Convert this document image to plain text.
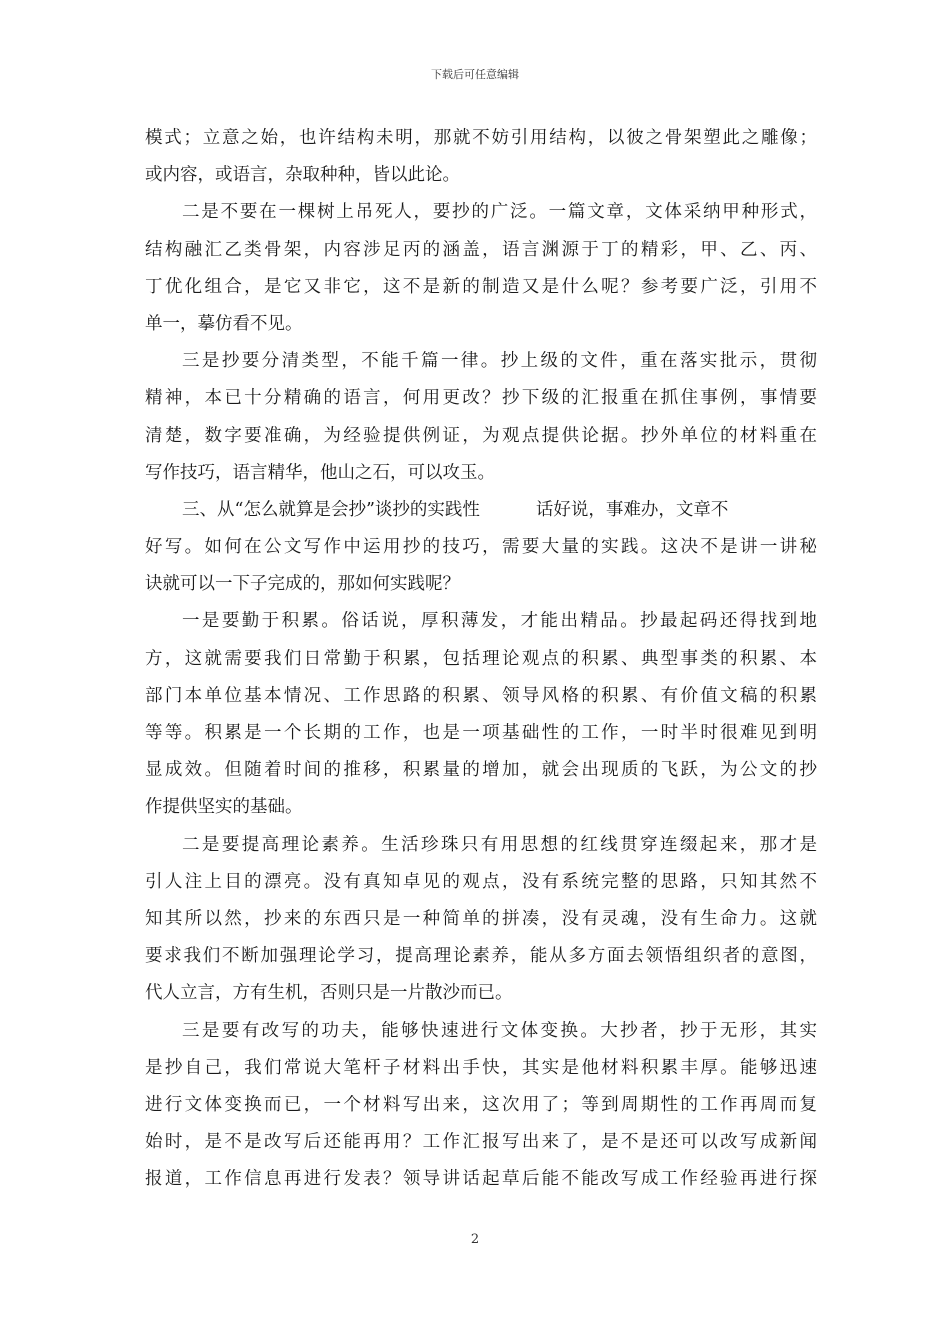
下载后可任意编辑
模式；立意之始，也许结构未明，那就不妨引用结构，以彼之骨架塑此之雕像；
或内容，或语言，杂取种种，皆以此论。
二是不要在一棵树上吊死人，要抄的广泛。一篇文章，文体采纳甲种形式，
结构融汇乙类骨架，内容涉足丙的涵盖，语言渊源于丁的精彩，甲、乙、丙、
丁优化组合，是它又非它，这不是新的制造又是什么呢？参考要广泛，引用不
单一，摹仿看不见。
三是抄要分清类型，不能千篇一律。抄上级的文件，重在落实批示，贯彻
精神，本已十分精确的语言，何用更改？抄下级的汇报重在抓住事例，事情要
清楚，数字要准确，为经验提供例证，为观点提供论据。抄外单位的材料重在
写作技巧，语言精华，他山之石，可以攻玉。
三、从“怎么就算是会抄”谈抄的实践性	话好说，事难办，文章不
好写。如何在公文写作中运用抄的技巧，需要大量的实践。这决不是讲一讲秘
诀就可以一下子完成的，那如何实践呢？
一是要勤于积累。俗话说，厚积薄发，才能出精品。抄最起码还得找到地
方，这就需要我们日常勤于积累，包括理论观点的积累、典型事类的积累、本
部门本单位基本情况、工作思路的积累、领导风格的积累、有价值文稿的积累
等等。积累是一个长期的工作，也是一项基础性的工作，一时半时很难见到明
显成效。但随着时间的推移，积累量的增加，就会出现质的飞跃，为公文的抄
作提供坚实的基础。
二是要提高理论素养。生活珍珠只有用思想的红线贯穿连缀起来，那才是
引人注上目的漂亮。没有真知卓见的观点，没有系统完整的思路，只知其然不
知其所以然，抄来的东西只是一种简单的拼凑，没有灵魂，没有生命力。这就
要求我们不断加强理论学习，提高理论素养，能从多方面去领悟组织者的意图，
代人立言，方有生机，否则只是一片散沙而已。
三是要有改写的功夫，能够快速进行文体变换。大抄者，抄于无形，其实
是抄自己，我们常说大笔杆子材料出手快，其实是他材料积累丰厚。能够迅速
进行文体变换而已，一个材料写出来，这次用了；等到周期性的工作再周而复
始时，是不是改写后还能再用？工作汇报写出来了，是不是还可以改写成新闻
报道，工作信息再进行发表？领导讲话起草后能不能改写成工作经验再进行探
2
